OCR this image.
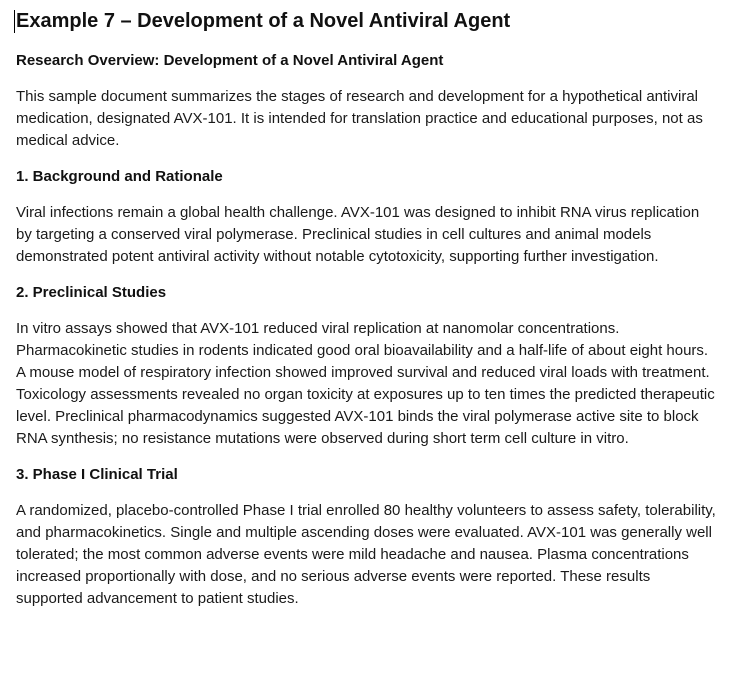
Example 7 – Development of a Novel Antiviral Agent
Research Overview: Development of a Novel Antiviral Agent
This sample document summarizes the stages of research and development for a hypothetical antiviral medication, designated AVX-101. It is intended for translation practice and educational purposes, not as medical advice.
1. Background and Rationale
Viral infections remain a global health challenge. AVX-101 was designed to inhibit RNA virus replication by targeting a conserved viral polymerase. Preclinical studies in cell cultures and animal models demonstrated potent antiviral activity without notable cytotoxicity, supporting further investigation.
2. Preclinical Studies
In vitro assays showed that AVX-101 reduced viral replication at nanomolar concentrations. Pharmacokinetic studies in rodents indicated good oral bioavailability and a half-life of about eight hours. A mouse model of respiratory infection showed improved survival and reduced viral loads with treatment. Toxicology assessments revealed no organ toxicity at exposures up to ten times the predicted therapeutic level. Preclinical pharmacodynamics suggested AVX-101 binds the viral polymerase active site to block RNA synthesis; no resistance mutations were observed during short term cell culture in vitro.
3. Phase I Clinical Trial
A randomized, placebo-controlled Phase I trial enrolled 80 healthy volunteers to assess safety, tolerability, and pharmacokinetics. Single and multiple ascending doses were evaluated. AVX-101 was generally well tolerated; the most common adverse events were mild headache and nausea. Plasma concentrations increased proportionally with dose, and no serious adverse events were reported. These results supported advancement to patient studies.
